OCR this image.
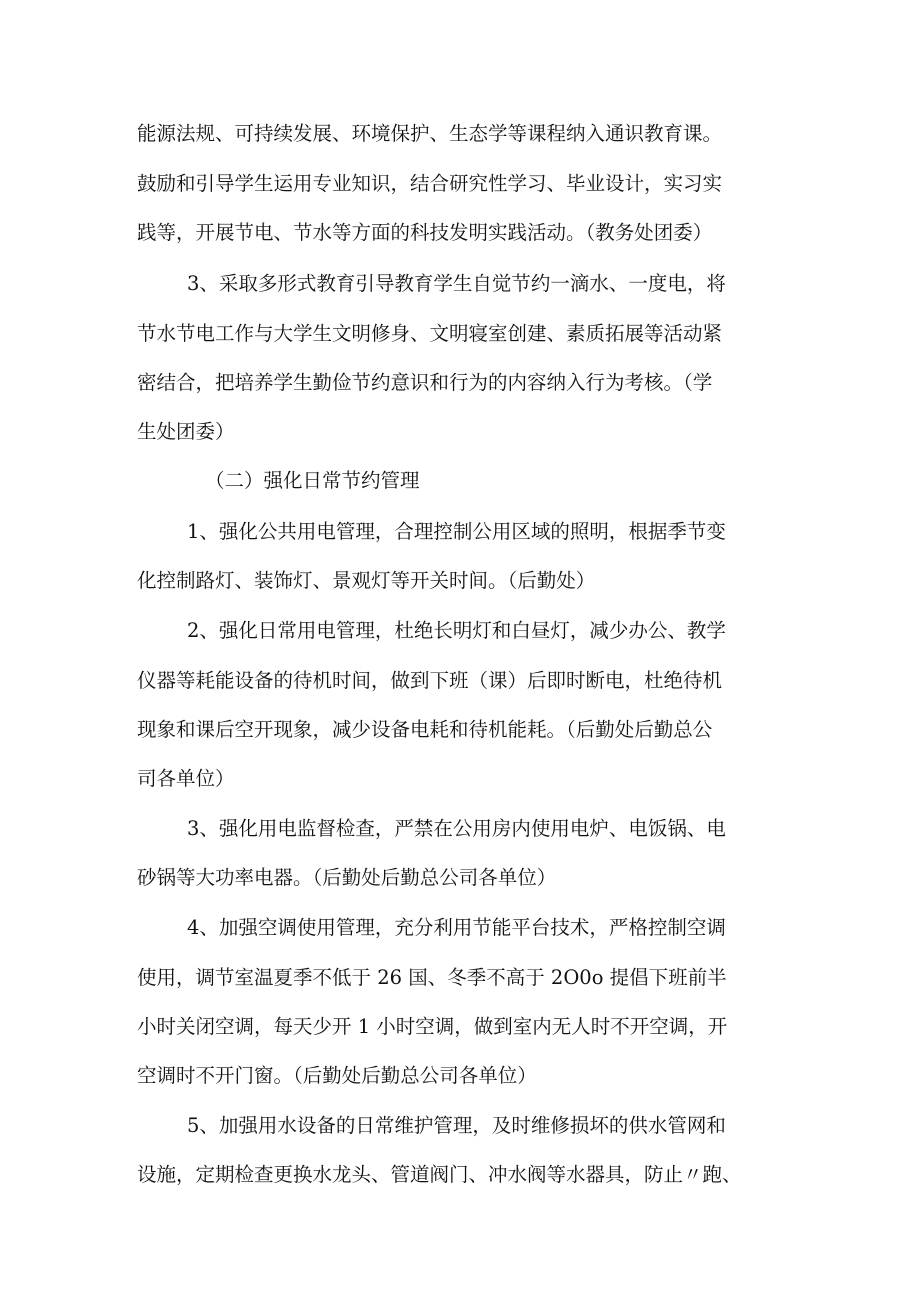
能源法规、可持续发展、环境保护、生态学等课程纳入通识教育课。
鼓励和引导学生运用专业知识，结合研究性学习、毕业设计，实习实
践等，开展节电、节水等方面的科技发明实践活动。（教务处团委）
3、采取多形式教育引导教育学生自觉节约一滴水、一度电，将
节水节电工作与大学生文明修身、文明寝室创建、素质拓展等活动紧
密结合，把培养学生勤俭节约意识和行为的内容纳入行为考核。（学
生处团委）
（二）强化日常节约管理
1、强化公共用电管理，合理控制公用区域的照明，根据季节变
化控制路灯、装饰灯、景观灯等开关时间。（后勤处）
2、强化日常用电管理，杜绝长明灯和白昼灯，减少办公、教学
仪器等耗能设备的待机时间，做到下班（课）后即时断电，杜绝待机
现象和课后空开现象，减少设备电耗和待机能耗。（后勤处后勤总公
司各单位）
3、强化用电监督检查，严禁在公用房内使用电炉、电饭锅、电
砂锅等大功率电器。（后勤处后勤总公司各单位）
4、加强空调使用管理，充分利用节能平台技术，严格控制空调
使用，调节室温夏季不低于 26 国、冬季不高于 2O0o 提倡下班前半
小时关闭空调，每天少开 1 小时空调，做到室内无人时不开空调，开
空调时不开门窗。（后勤处后勤总公司各单位）
5、加强用水设备的日常维护管理，及时维修损坏的供水管网和
设施，定期检查更换水龙头、管道阀门、冲水阀等水器具，防止〃跑、
